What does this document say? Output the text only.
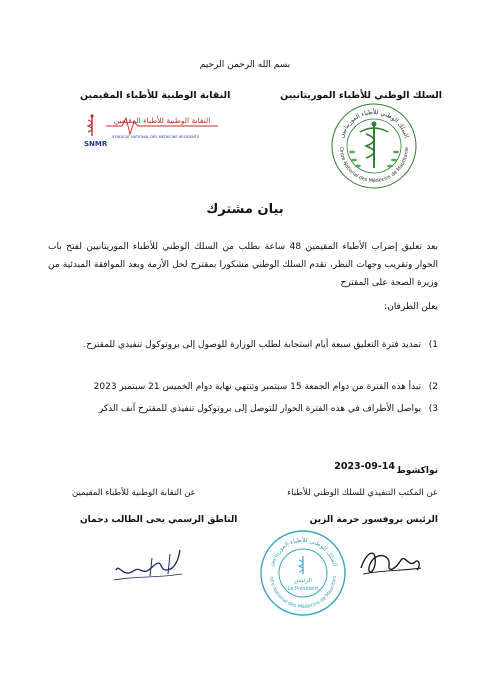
بسم الله الرحمن الرحيم
السلك الوطني للأطباء الموريتانيين
النقابة الوطنية للأطباء المقيمين
النقابة الوطنية للأطباء المقيمين
SNMR
SYNDICAT NATIONAL DES MEDECINS RESIDENTS	السلك الوطني للأطباء الموريتانيين
Ordre National des Médecins de Mauritanie
بيان مشترك
بعد تعليق إضراب الأطباء المقيمين 48 ساعة بطلب من السلك الوطني للأطباء الموريتانيين لفتح باب الحوار وتقريب وجهات النظر، تقدم السلك الوطني مشكورا بمقترح لحل الأزمة وبعد الموافقة المبدئية من وزيرة الصحة على المقترح
يعلن الطرفان:
1) تمديد فترة التعليق سبعة أيام استجابة لطلب الوزارة للوصول إلى بروتوكول تنفيذي للمقترح.
2) تبدأ هذه الفترة من دوام الجمعة 15 سبتمبر وتنتهي نهاية دوام الخميس 21 سبتمبر 2023
3) يواصل الأطراف في هذه الفترة الحوار للتوصل إلى بروتوكول تنفيذي للمقترح آنف الذكر
نواكشوط
2023-09-14
عن المكتب التنفيذي للسلك الوطني للأطباء
عن النقابة الوطنية للأطباء المقيمين
الرئيس بروفسور حرمة الزين
الناطق الرسمي يحى الطالب دحمان
السلك الوطني للأطباء الموريتانيين
rdre National des Médecins de Mauritani
الرئيس
Le Président
